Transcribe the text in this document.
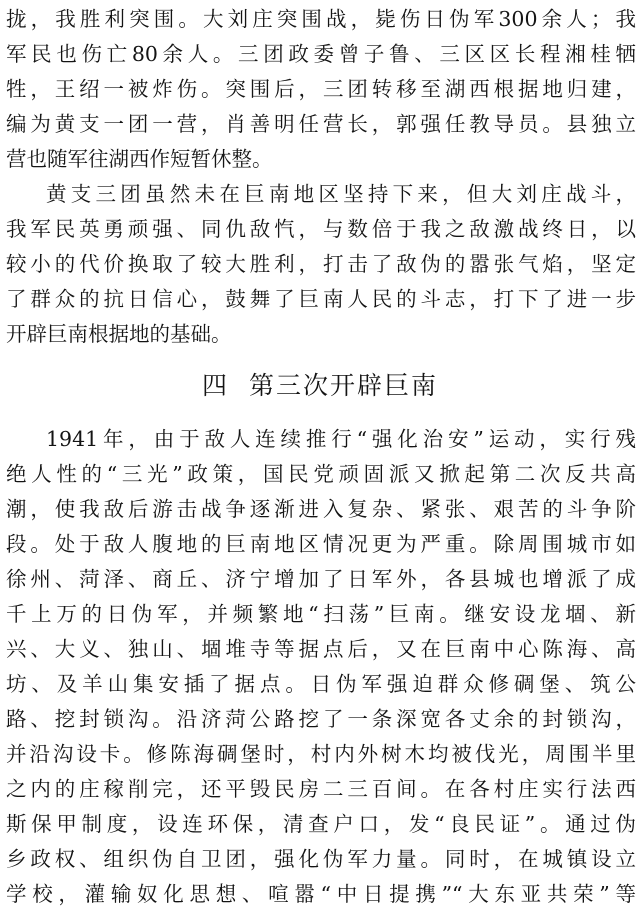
拢，我胜利突围。大刘庄突围战，毙伤日伪军300余人；我
军民也伤亡80余人。三团政委曾子鲁、三区区长程湘桂牺
牲，王绍一被炸伤。突围后，三团转移至湖西根据地归建，
编为黄支一团一营，肖善明任营长，郭强任教导员。县独立
营也随军往湖西作短暂休整。
黄支三团虽然未在巨南地区坚持下来，但大刘庄战斗，
我军民英勇顽强、同仇敌忾，与数倍于我之敌激战终日，以
较小的代价换取了较大胜利，打击了敌伪的嚣张气焰，坚定
了群众的抗日信心，鼓舞了巨南人民的斗志，打下了进一步
开辟巨南根据地的基础。
四 第三次开辟巨南
1941年，由于敌人连续推行“强化治安”运动，实行残
绝人性的“三光”政策，国民党顽固派又掀起第二次反共高
潮，使我敌后游击战争逐渐进入复杂、紧张、艰苦的斗争阶
段。处于敌人腹地的巨南地区情况更为严重。除周围城市如
徐州、菏泽、商丘、济宁增加了日军外，各县城也增派了成
千上万的日伪军，并频繁地“扫荡”巨南。继安设龙堌、新
兴、大义、独山、堌堆寺等据点后，又在巨南中心陈海、高
坊、及羊山集安插了据点。日伪军强迫群众修碉堡、筑公
路、挖封锁沟。沿济菏公路挖了一条深宽各丈余的封锁沟，
并沿沟设卡。修陈海碉堡时，村内外树木均被伐光，周围半里
之内的庄稼削完，还平毁民房二三百间。在各村庄实行法西
斯保甲制度，设连环保，清查户口，发“良民证”。通过伪
乡政权、组织伪自卫团，强化伪军力量。同时，在城镇设立
学校，灌输奴化思想、喧嚣“中日提携”“大东亚共荣”等
